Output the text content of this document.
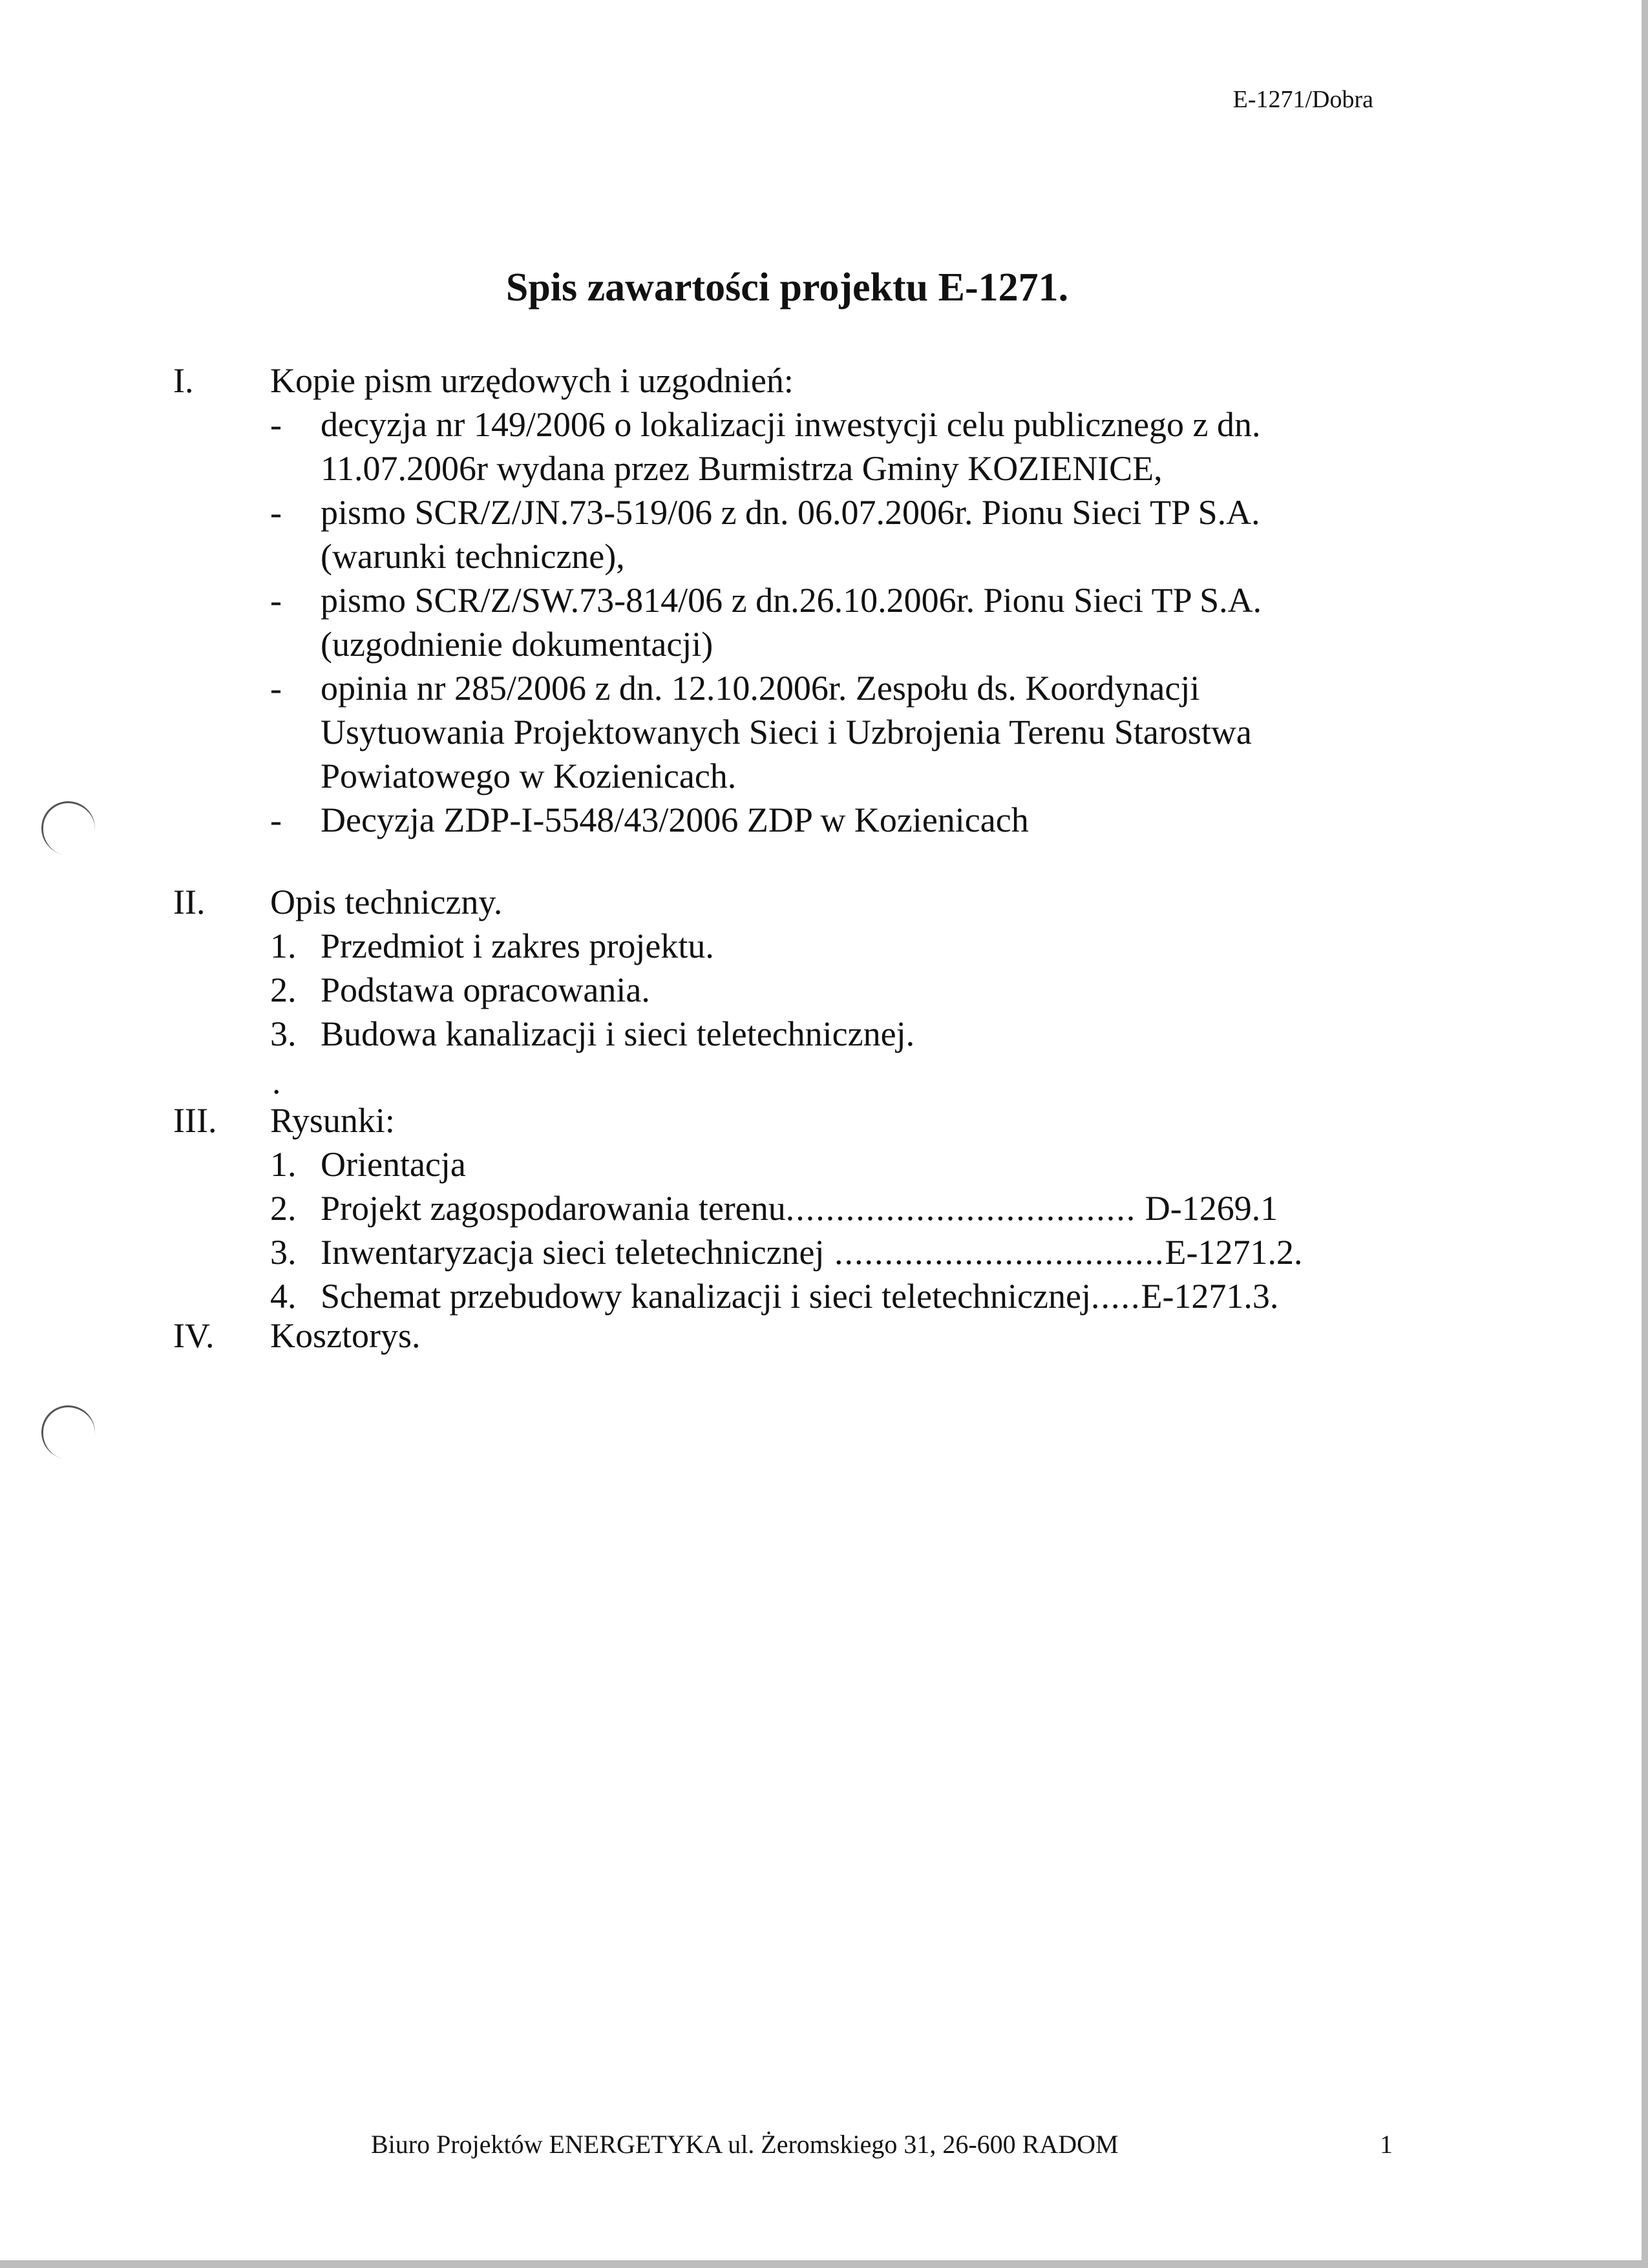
E-1271/Dobra
Spis zawartości projektu E-1271.
I. Kopie pism urzędowych i uzgodnień:
- decyzja nr 149/2006 o lokalizacji inwestycji celu publicznego z dn.
11.07.2006r wydana przez Burmistrza Gminy KOZIENICE,
- pismo SCR/Z/JN.73-519/06 z dn. 06.07.2006r. Pionu Sieci TP S.A.
(warunki techniczne),
- pismo SCR/Z/SW.73-814/06 z dn.26.10.2006r. Pionu Sieci TP S.A.
(uzgodnienie dokumentacji)
- opinia nr 285/2006 z dn. 12.10.2006r. Zespołu ds. Koordynacji
Usytuowania Projektowanych Sieci i Uzbrojenia Terenu Starostwa
Powiatowego w Kozienicach.
- Decyzja ZDP-I-5548/43/2006 ZDP w Kozienicach
II. Opis techniczny.
1. Przedmiot i zakres projektu.
2. Podstawa opracowania.
3. Budowa kanalizacji i sieci teletechnicznej.
.
III. Rysunki:
1. Orientacja
2. Projekt zagospodarowania terenu................................... D-1269.1
3. Inwentaryzacja sieci teletechnicznej .................................E-1271.2.
4. Schemat przebudowy kanalizacji i sieci teletechnicznej.....E-1271.3.
IV. Kosztorys.
Biuro Projektów ENERGETYKA ul. Żeromskiego 31, 26-600 RADOM	1
